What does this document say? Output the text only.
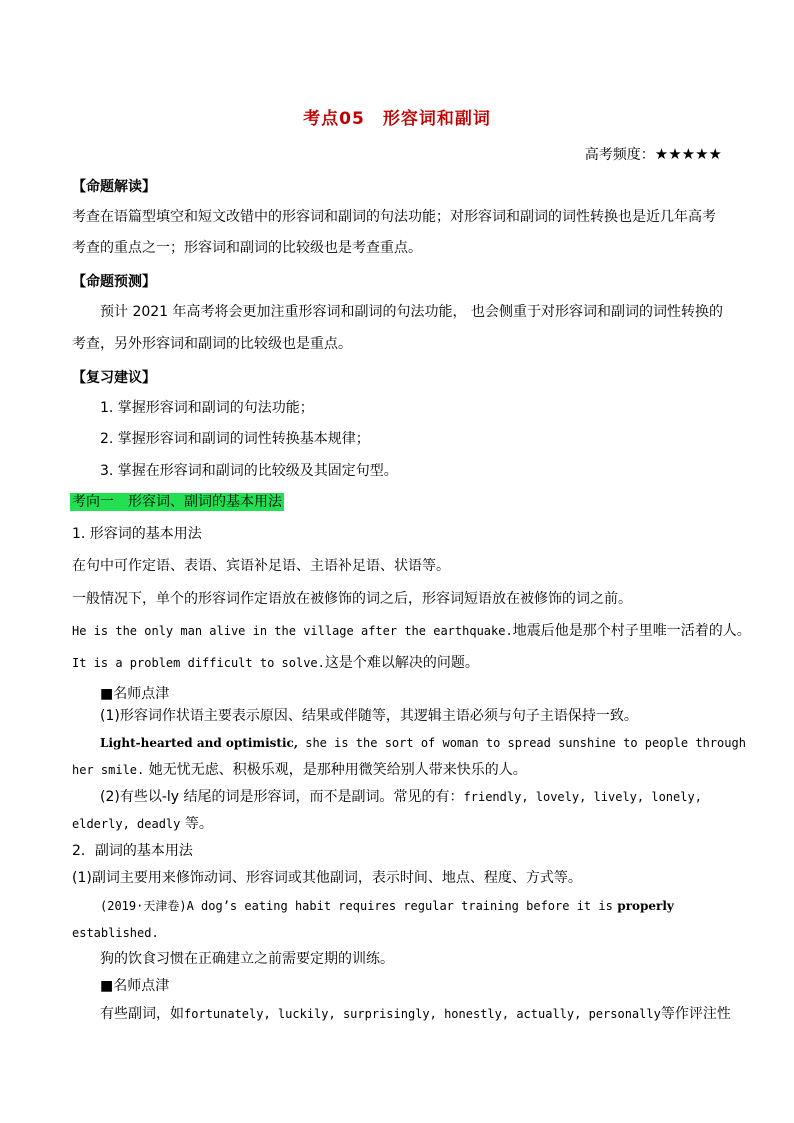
考点05　形容词和副词
高考频度：★★★★★
【命题解读】
考查在语篇型填空和短文改错中的形容词和副词的句法功能；对形容词和副词的词性转换也是近几年高考
考查的重点之一；形容词和副词的比较级也是考查重点。
【命题预测】
预计 2021 年高考将会更加注重形容词和副词的句法功能， 也会侧重于对形容词和副词的词性转换的
考查，另外形容词和副词的比较级也是重点。
【复习建议】
1. 掌握形容词和副词的句法功能；
2. 掌握形容词和副词的词性转换基本规律；
3. 掌握在形容词和副词的比较级及其固定句型。
考向一　形容词、副词的基本用法
1. 形容词的基本用法
在句中可作定语、表语、宾语补足语、主语补足语、状语等。
一般情况下，单个的形容词作定语放在被修饰的词之后，形容词短语放在被修饰的词之前。
He is the only man alive in the village after the earthquake.地震后他是那个村子里唯一活着的人。
It is a problem difficult to solve.这是个难以解决的问题。
■名师点津
(1)形容词作状语主要表示原因、结果或伴随等，其逻辑主语必须与句子主语保持一致。
Light-hearted and optimistic, she is the sort of woman to spread sunshine to people through
her smile. 她无忧无虑、积极乐观，是那种用微笑给别人带来快乐的人。
(2)有些以-ly 结尾的词是形容词，而不是副词。常见的有：friendly, lovely, lively, lonely,
elderly, deadly 等。
2．副词的基本用法
(1)副词主要用来修饰动词、形容词或其他副词，表示时间、地点、程度、方式等。
(2019·天津卷)A dog’s eating habit requires regular training before it is properly
established.
狗的饮食习惯在正确建立之前需要定期的训练。
■名师点津
有些副词，如fortunately, luckily, surprisingly, honestly, actually, personally等作评注性
